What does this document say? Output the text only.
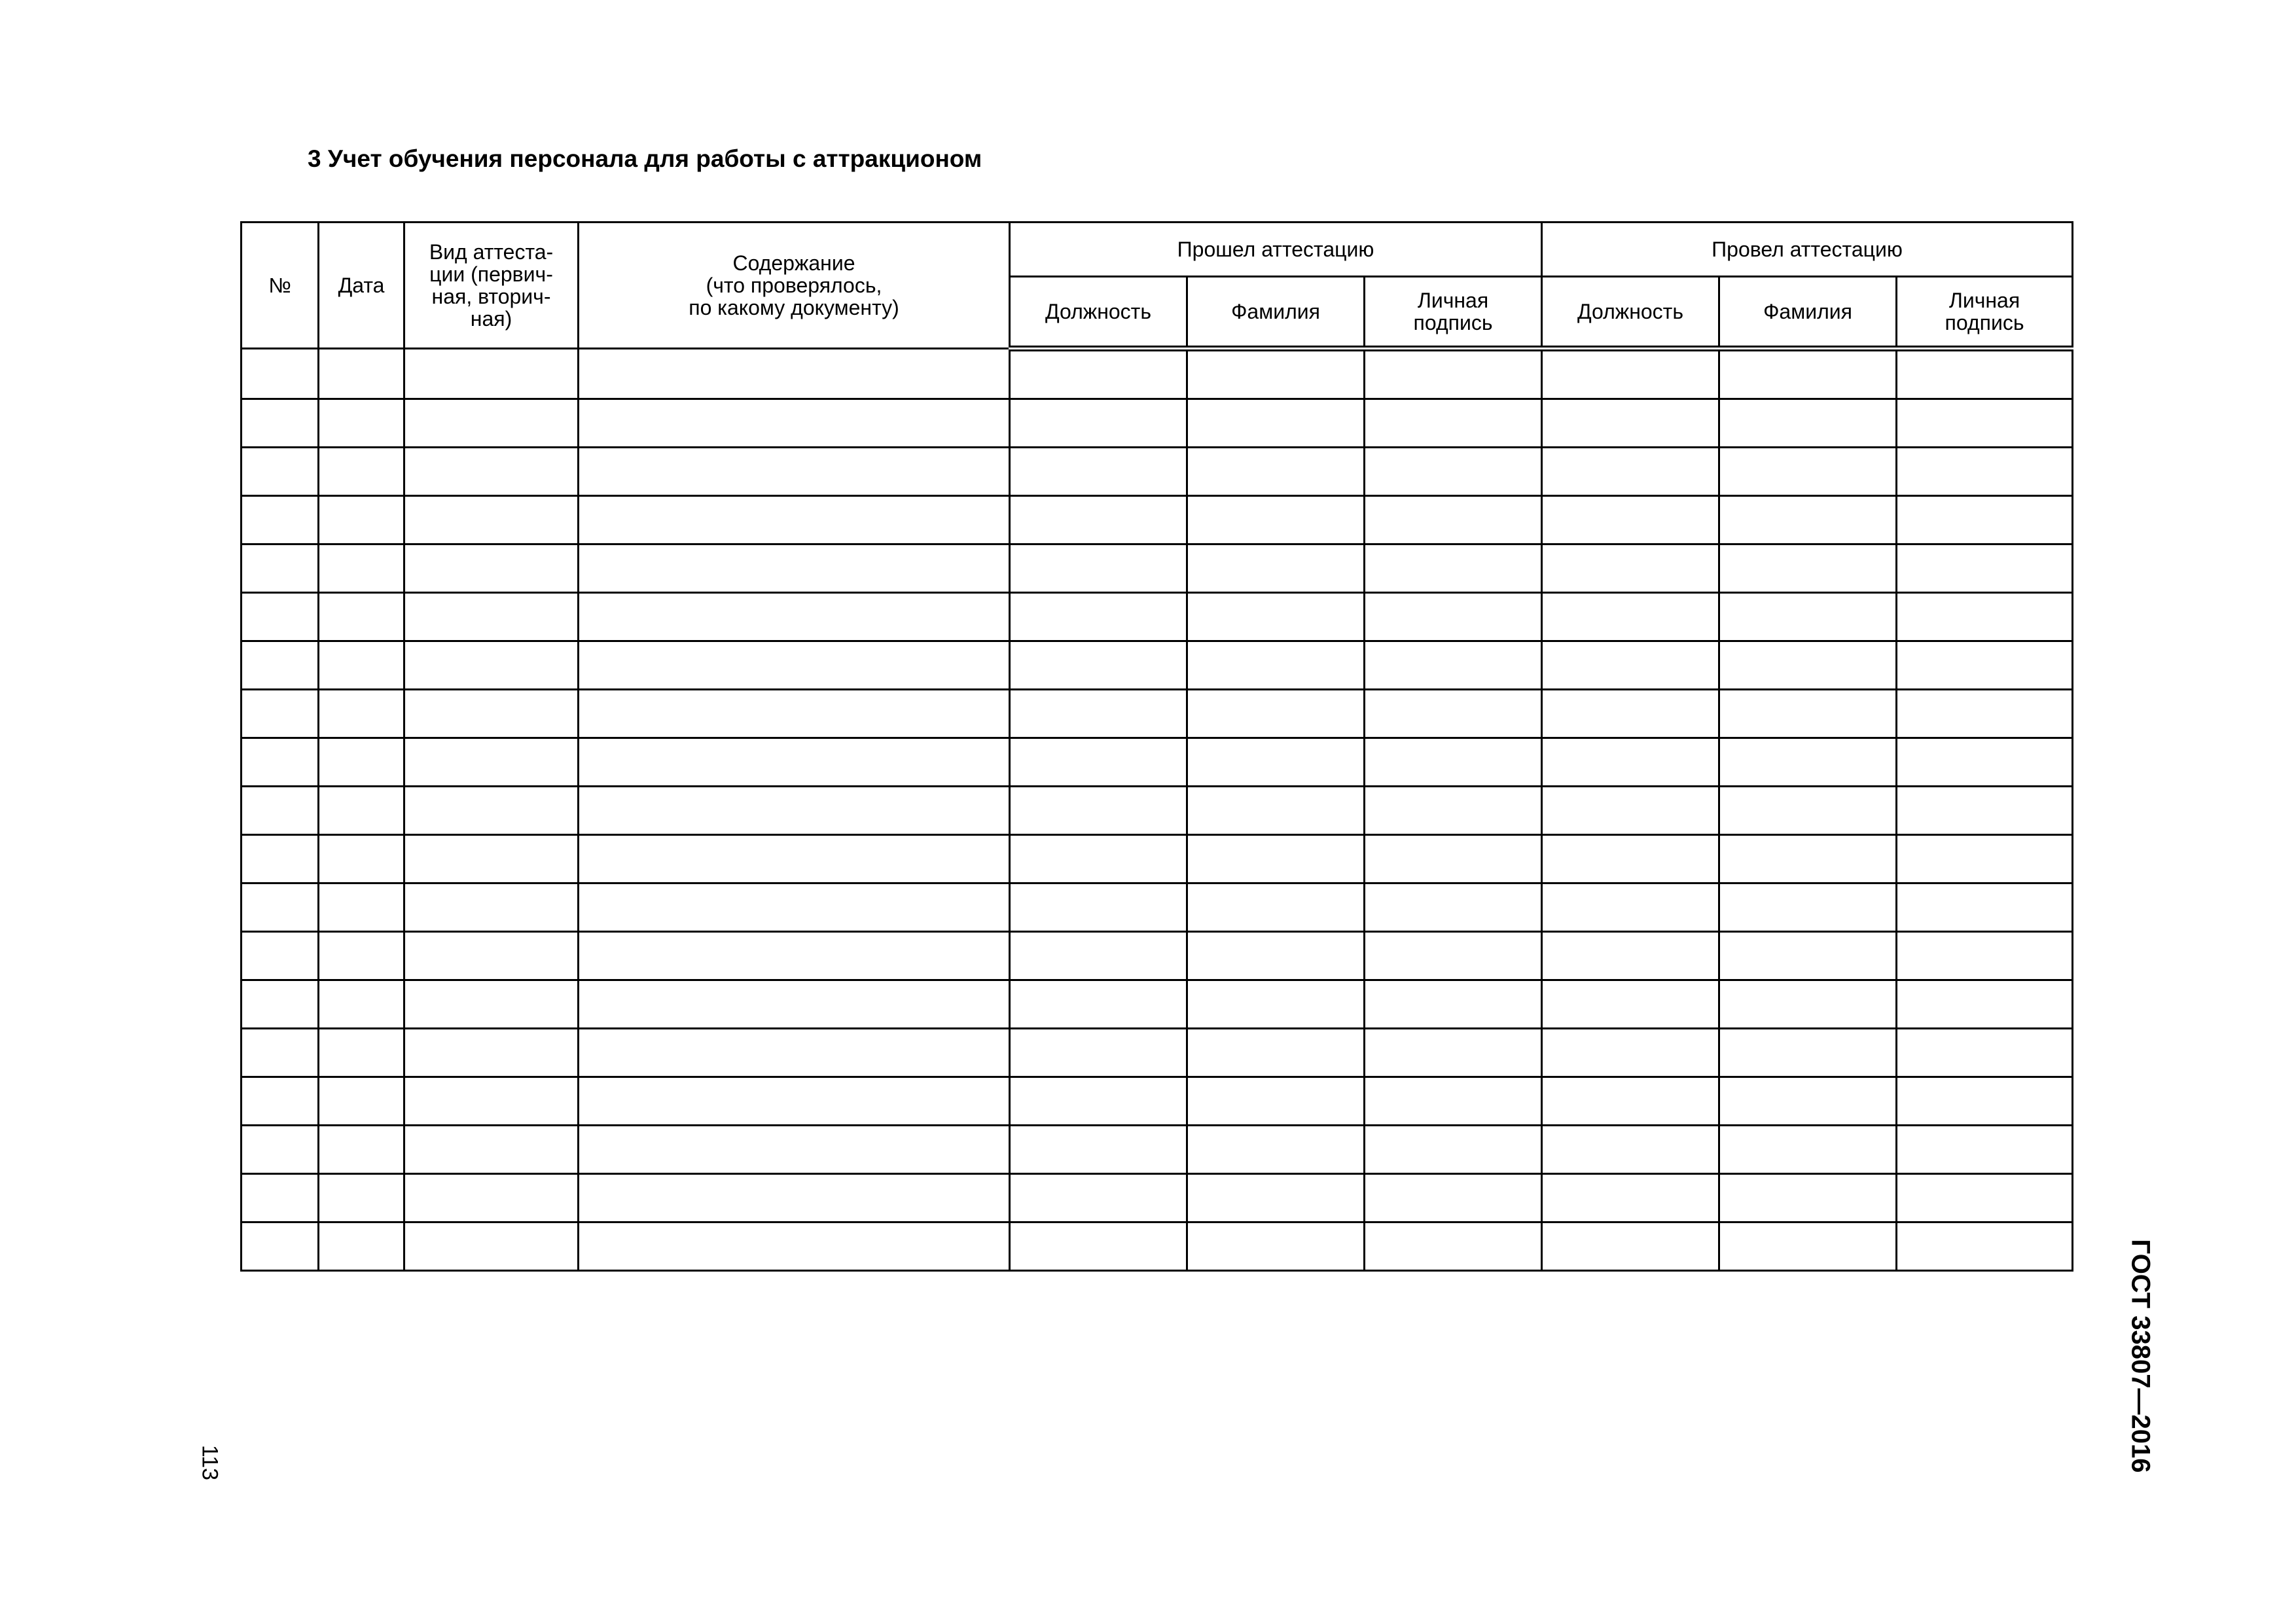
3 Учет обучения персонала для работы с аттракционом
№	Дата	Вид аттеста-
ции (первич-
ная, вторич-
ная)	Содержание
(что проверялось,
по какому документу)	Прошел аттестацию			Провел аттестацию		
				Должность	Фамилия	Личная
подпись	Должность	Фамилия	Личная
подпись

ГОСТ 33807—2016
113
